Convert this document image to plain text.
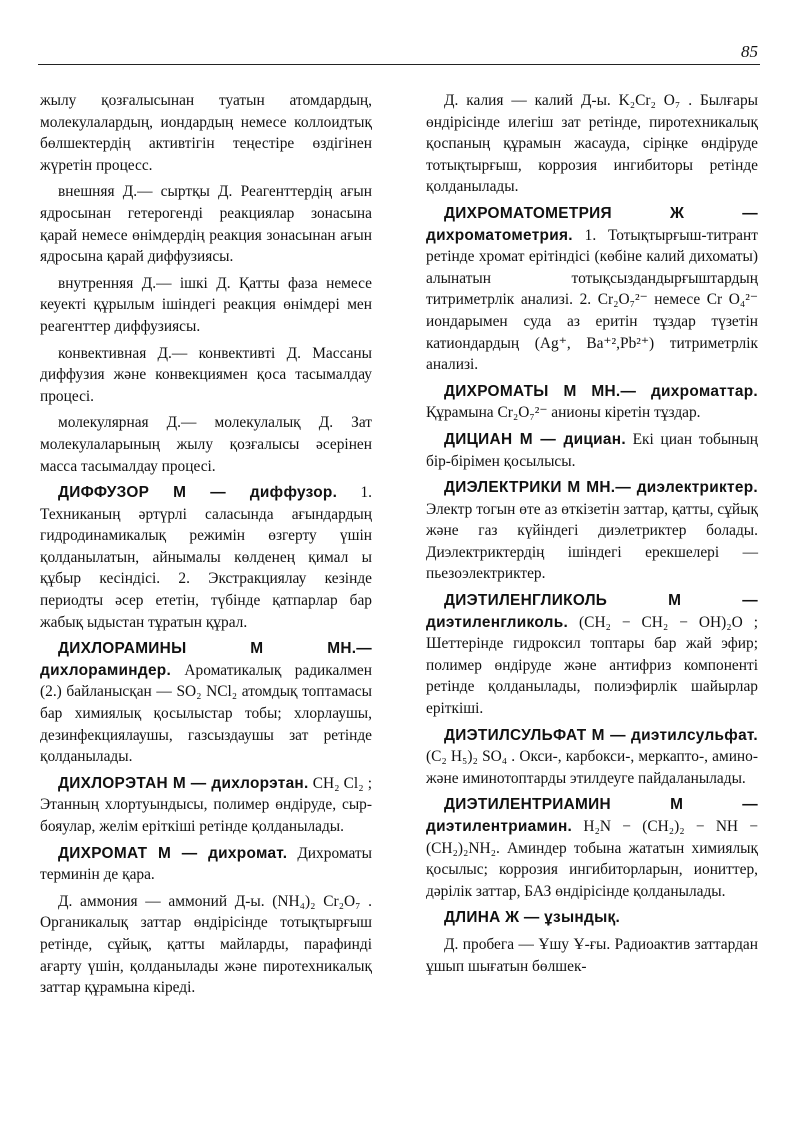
85

жылу қозғалысынан туатын атомдардың, молекулалардың, иондардың немесе коллоидтық бөлшектердің активтігін теңестіре өздігінен жүретін процесс.

внешняя Д.— сыртқы Д. Реагенттердің ағын ядросынан гетерогенді реакциялар зонасына қарай немесе өнімдердің реакция зонасынан ағын ядросына қарай диффузиясы.

внутренняя Д.— ішкі Д. Қатты фаза немесе кеуекті құрылым ішіндегі реакция өнімдері мен реагенттер диффузиясы.

конвективная Д.— конвективті Д. Массаны диффузия және конвекциямен қоса тасымалдау процесі.

молекулярная Д.— молекулалық Д. Зат молекулаларының жылу қозғалысы әсерінен масса тасымалдау процесі.

ДИФФУЗОР М — диффузор. 1. Техниканың әртүрлі саласында ағындардың гидродинамикалық режимін өзгерту үшін қолданылатын, айнымалы көлденең қимал ы құбыр кесіндісі. 2. Экстракциялау кезінде периодты әсер ететін, түбінде қатпарлар бар жабық ыдыстан тұратын құрал.

ДИХЛОРАМИНЫ М МН.— дихлораминдер. Ароматикалық радикалмен (2.) байланысқан — SO₂ NCl₂ атомдық топтамасы бар химиялық қосылыстар тобы; хлорлаушы, дезинфекциялаушы, газсыздаушы зат ретінде қолданылады.

ДИХЛОРЭТАН М — дихлорэтан. CH₂ Cl₂ ; Этанның хлортуындысы, полимер өндіруде, сыр-бояулар, желім еріткіші ретінде қолданылады.

ДИХРОМАТ М — дихромат. Дихроматы терминін де қара.

Д. аммония — аммоний Д-ы. (NH₄)₂ Cr₂O₇ . Органикалық заттар өндірісінде тотықтырғыш ретінде, сұйық, қатты майларды, парафинді ағарту үшін, қолданылады және пиротехникалық заттар құрамына кіреді.

Д. калия — калий Д-ы. K₂Cr₂ O₇ . Былғары өндірісінде илегіш зат ретінде, пиротехникалық қоспаның құрамын жасауда, сіріңке өндіруде тотықтырғыш, коррозия ингибиторы ретінде қолданылады.

ДИХРОМАТОМЕТРИЯ Ж — дихроматометрия. 1. Тотықтырғыш-титрант ретінде хромат ерітіндісі (көбіне калий дихоматы) алынатын тотықсыздандырғыштардың титриметрлік анализі. 2. Cr₂O₇²⁻ немесе Cr O₄²⁻ иондарымен суда аз еритін тұздар түзетін катиондардың (Ag⁺, Ba⁺²,Pb²⁺) титриметрлік анализі.

ДИХРОМАТЫ М МН.— дихроматтар. Құрамына Cr₂O₇²⁻ анионы кіретін тұздар.

ДИЦИАН М — дициан. Екі циан тобының бір-бірімен қосылысы.

ДИЭЛЕКТРИКИ М МН.— диэлектриктер. Электр тогын өте аз өткізетін заттар, қатты, сұйық және газ күйіндегі диэлетриктер болады. Диэлектриктердің ішіндегі ерекшелері — пьезоэлектриктер.

ДИЭТИЛЕНГЛИКОЛЬ М — диэтиленгликоль. (CH₂ − CH₂ − OH)₂O ; Шеттерінде гидроксил топтары бар жай эфир; полимер өндіруде және антифриз компоненті ретінде қолданылады, полиэфирлік шайырлар еріткіші.

ДИЭТИЛСУЛЬФАТ М — диэтилсульфат. (C₂ H₅)₂ SO₄ . Окси-, карбокси-, меркапто-, амино- және иминотоптарды этилдеуге пайдаланылады.

ДИЭТИЛЕНТРИАМИН М — диэтилентриамин. H₂N − (CH₂)₂ − NH − (CH₂)₂NH₂. Аминдер тобына жататын химиялық қосылыс; коррозия ингибиторларын, иониттер, дәрілік заттар, БАЗ өндірісінде қолданылады.

ДЛИНА Ж — ұзындық.

Д. пробега — Ұшу Ұ-ғы. Радиоактив заттардан ұшып шығатын бөлшек-
